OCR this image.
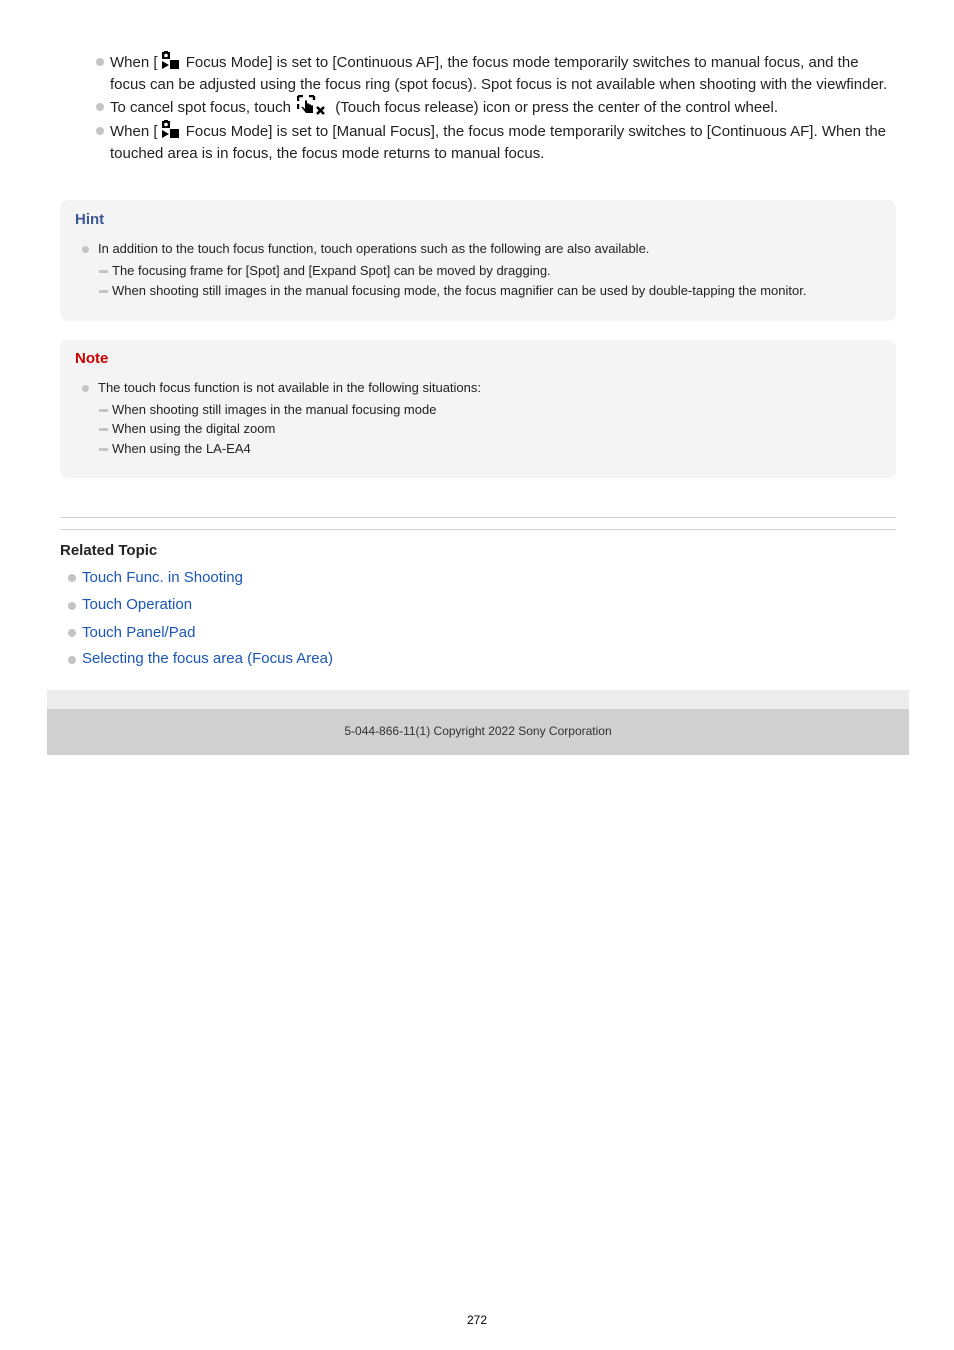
When [ Focus Mode] is set to [Continuous AF], the focus mode temporarily switches to manual focus, and the focus can be adjusted using the focus ring (spot focus). Spot focus is not available when shooting with the viewfinder.
To cancel spot focus, touch  (Touch focus release) icon or press the center of the control wheel.
When [ Focus Mode] is set to [Manual Focus], the focus mode temporarily switches to [Continuous AF]. When the touched area is in focus, the focus mode returns to manual focus.
Hint
In addition to the touch focus function, touch operations such as the following are also available.
The focusing frame for [Spot] and [Expand Spot] can be moved by dragging.
When shooting still images in the manual focusing mode, the focus magnifier can be used by double-tapping the monitor.
Note
The touch focus function is not available in the following situations:
When shooting still images in the manual focusing mode
When using the digital zoom
When using the LA-EA4
Related Topic
Touch Func. in Shooting
Touch Operation
Touch Panel/Pad
Selecting the focus area (Focus Area)
5-044-866-11(1) Copyright 2022 Sony Corporation
272
